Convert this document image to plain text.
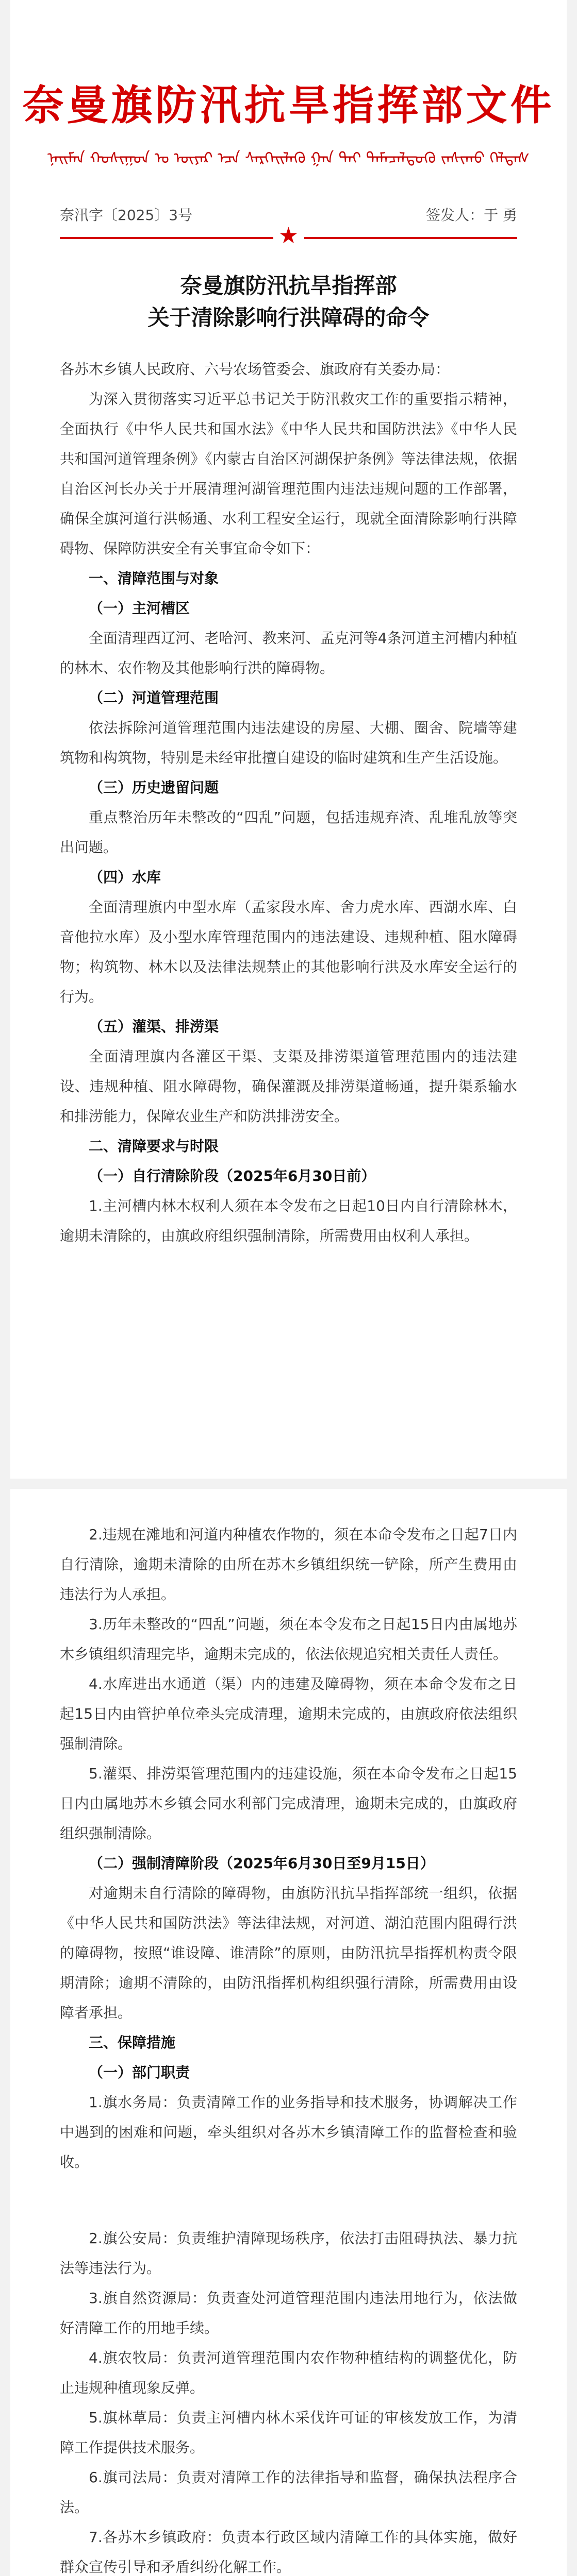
奈曼旗防汛抗旱指挥部文件
ᠨᠠᠢᠮᠠᠨ ᠬᠣᠰᠢᠭᠤᠨ ᠤ ᠦᠶᠡᠷ ᠡᠴᠡ ᠰᠡᠷᠭᠡᠢᠯᠡᠬᠦ ᠭᠠᠨ ᠲᠡᠢ ᠲᠡᠮᠡᠴᠡᠯᠳᠦᠬᠦ ᠵᠠᠰᠢᠬᠤ ᠬᠡᠯᠲᠡᠰ
奈汛字〔2025〕3号	签发人：于 勇
★
奈曼旗防汛抗旱指挥部
关于清除影响行洪障碍的命令

各苏木乡镇人民政府、六号农场管委会、旗政府有关委办局：

为深入贯彻落实习近平总书记关于防汛救灾工作的重要指示精神，全面执行《中华人民共和国水法》《中华人民共和国防洪法》《中华人民共和国河道管理条例》《内蒙古自治区河湖保护条例》等法律法规，依据自治区河长办关于开展清理河湖管理范围内违法违规问题的工作部署，确保全旗河道行洪畅通、水利工程安全运行，现就全面清除影响行洪障碍物、保障防洪安全有关事宜命令如下：

一、清障范围与对象

（一）主河槽区

全面清理西辽河、老哈河、教来河、孟克河等4条河道主河槽内种植的林木、农作物及其他影响行洪的障碍物。

（二）河道管理范围

依法拆除河道管理范围内违法建设的房屋、大棚、圈舍、院墙等建筑物和构筑物，特别是未经审批擅自建设的临时建筑和生产生活设施。

（三）历史遗留问题

重点整治历年未整改的“四乱”问题，包括违规弃渣、乱堆乱放等突出问题。

（四）水库

全面清理旗内中型水库（孟家段水库、舍力虎水库、西湖水库、白音他拉水库）及小型水库管理范围内的违法建设、违规种植、阻水障碍物；构筑物、林木以及法律法规禁止的其他影响行洪及水库安全运行的行为。

（五）灌渠、排涝渠

全面清理旗内各灌区干渠、支渠及排涝渠道管理范围内的违法建设、违规种植、阻水障碍物，确保灌溉及排涝渠道畅通，提升渠系输水和排涝能力，保障农业生产和防洪排涝安全。

二、清障要求与时限

（一）自行清除阶段（2025年6月30日前）

1.主河槽内林木权利人须在本令发布之日起10日内自行清除林木，逾期未清除的，由旗政府组织强制清除，所需费用由权利人承担。

2.违规在滩地和河道内种植农作物的，须在本命令发布之日起7日内自行清除，逾期未清除的由所在苏木乡镇组织统一铲除，所产生费用由违法行为人承担。

3.历年未整改的“四乱”问题，须在本令发布之日起15日内由属地苏木乡镇组织清理完毕，逾期未完成的，依法依规追究相关责任人责任。

4.水库进出水通道（渠）内的违建及障碍物，须在本命令发布之日起15日内由管护单位牵头完成清理，逾期未完成的，由旗政府依法组织强制清除。

5.灌渠、排涝渠管理范围内的违建设施，须在本命令发布之日起15日内由属地苏木乡镇会同水利部门完成清理，逾期未完成的，由旗政府组织强制清除。

（二）强制清障阶段（2025年6月30日至9月15日）

对逾期未自行清除的障碍物，由旗防汛抗旱指挥部统一组织，依据《中华人民共和国防洪法》等法律法规，对河道、湖泊范围内阻碍行洪的障碍物，按照“谁设障、谁清除”的原则，由防汛抗旱指挥机构责令限期清除；逾期不清除的，由防汛指挥机构组织强行清除，所需费用由设障者承担。

三、保障措施

（一）部门职责

1.旗水务局：负责清障工作的业务指导和技术服务，协调解决工作中遇到的困难和问题，牵头组织对各苏木乡镇清障工作的监督检查和验收。

2.旗公安局：负责维护清障现场秩序，依法打击阻碍执法、暴力抗法等违法行为。

3.旗自然资源局：负责查处河道管理范围内违法用地行为，依法做好清障工作的用地手续。

4.旗农牧局：负责河道管理范围内农作物种植结构的调整优化，防止违规种植现象反弹。

5.旗林草局：负责主河槽内林木采伐许可证的审核发放工作，为清障工作提供技术服务。

6.旗司法局：负责对清障工作的法律指导和监督，确保执法程序合法。

7.各苏木乡镇政府：负责本行政区域内清障工作的具体实施，做好群众宣传引导和矛盾纠纷化解工作。
